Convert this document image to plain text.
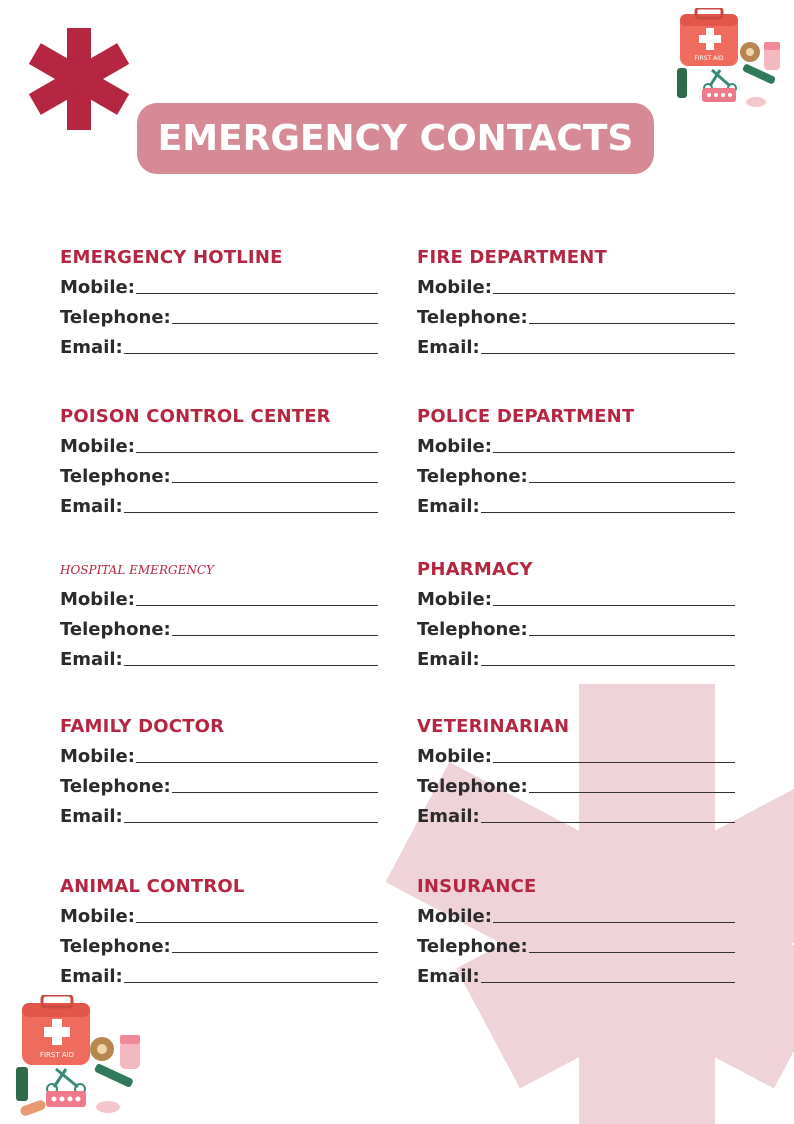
EMERGENCY CONTACTS
FIRST AID
FIRST AID
EMERGENCY HOTLINE
Mobile:
Telephone:
Email:
POISON CONTROL CENTER
Mobile:
Telephone:
Email:
HOSPITAL EMERGENCY
Mobile:
Telephone:
Email:
FAMILY DOCTOR
Mobile:
Telephone:
Email:
ANIMAL CONTROL
Mobile:
Telephone:
Email:
FIRE DEPARTMENT
Mobile:
Telephone:
Email:
POLICE DEPARTMENT
Mobile:
Telephone:
Email:
PHARMACY
Mobile:
Telephone:
Email:
VETERINARIAN
Mobile:
Telephone:
Email:
INSURANCE
Mobile:
Telephone:
Email:
